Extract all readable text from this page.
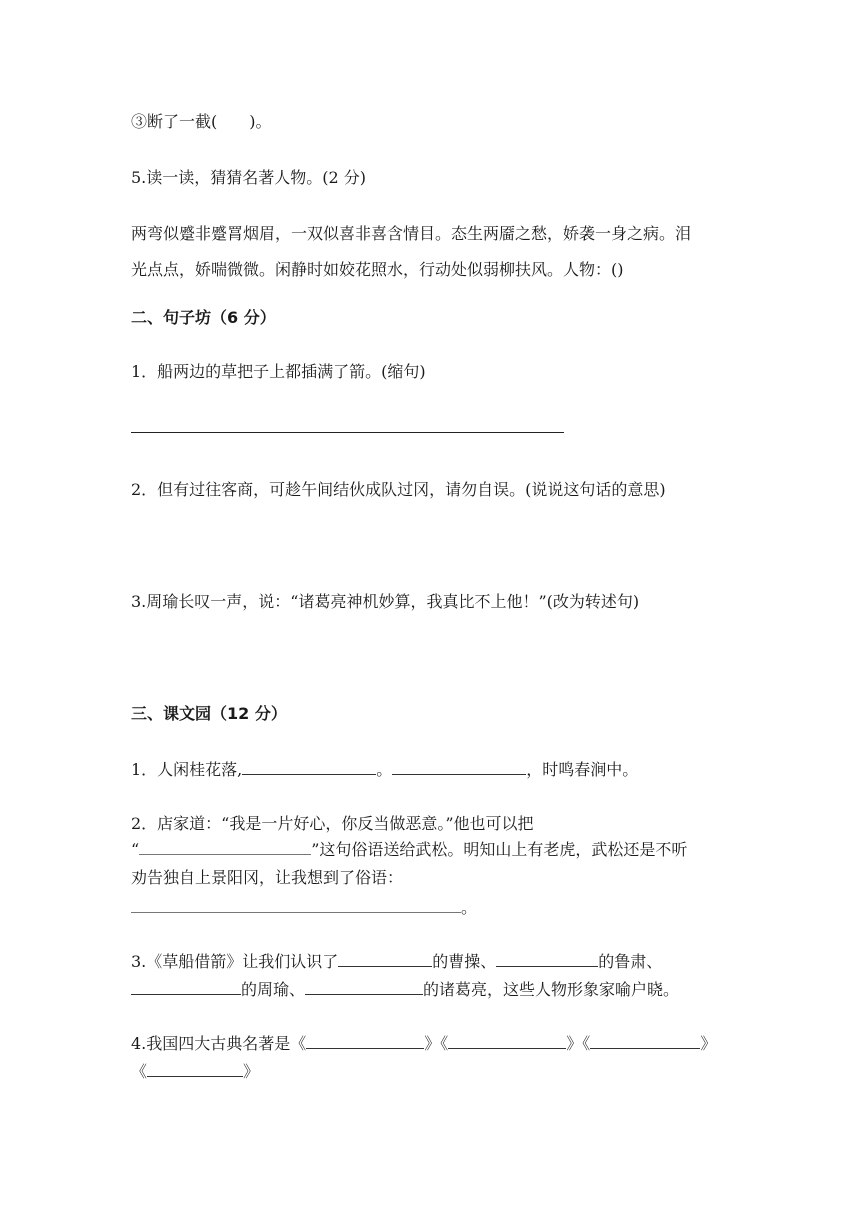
③断了一截(　　)。
5.读一读，猜猜名著人物。(2 分)
两弯似蹙非蹙罥烟眉，一双似喜非喜含情目。态生两靥之愁，娇袭一身之病。泪
光点点，娇喘微微。闲静时如姣花照水，行动处似弱柳扶风。人物：()
二、句子坊（6 分）
1．船两边的草把子上都插满了箭。(缩句)
2．但有过往客商，可趁午间结伙成队过冈，请勿自误。(说说这句话的意思)
3.周瑜长叹一声，说：“诸葛亮神机妙算，我真比不上他！”(改为转述句)
三、课文园（12 分）
1．人闲桂花落,	。	，时鸣春涧中。
2．店家道：“我是一片好心，你反当做恶意。”他也可以把
“	”这句俗语送给武松。明知山上有老虎，武松还是不听
劝告独自上景阳冈，让我想到了俗语：
。
3.《草船借箭》让我们认识了	的曹操、	的鲁肃、
的周瑜、	的诸葛亮，这些人物形象家喻户晓。
4.我国四大古典名著是《	》《	》《	》
《	》
